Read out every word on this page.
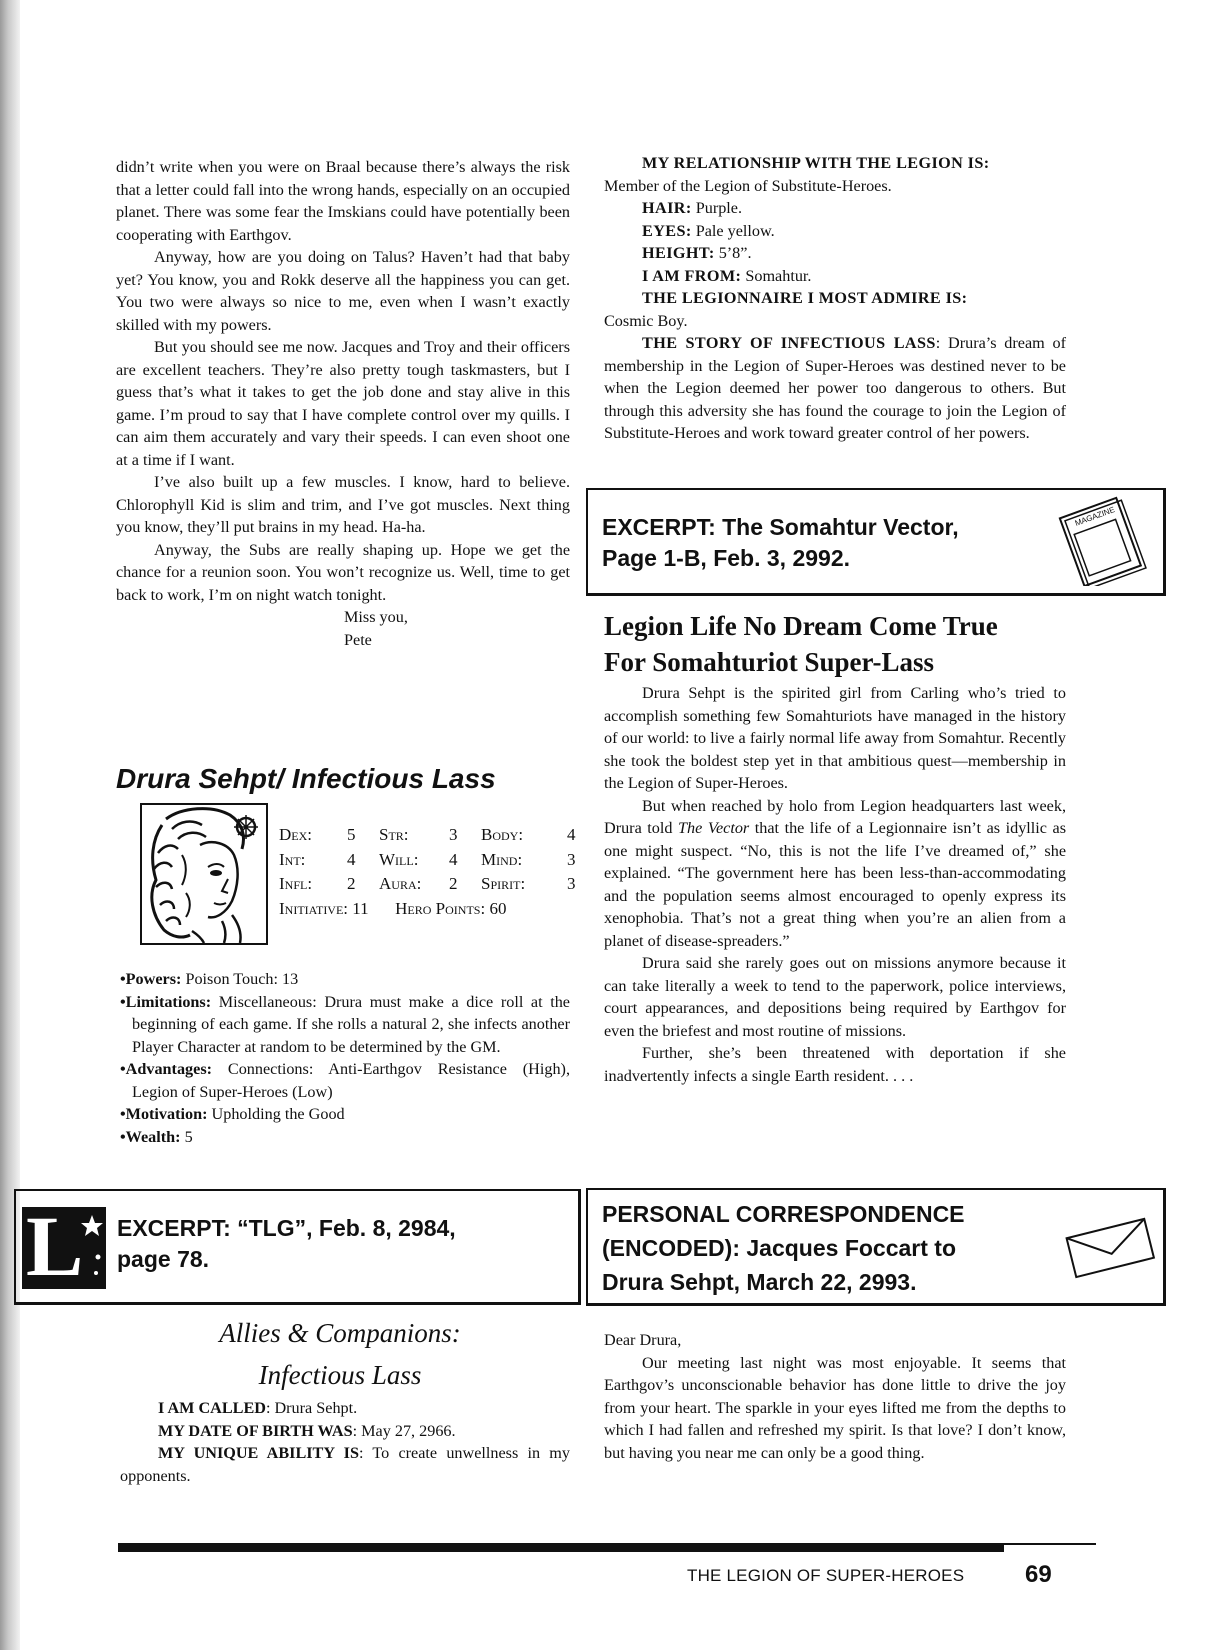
didn’t write when you were on Braal because there’s always the risk that a letter could fall into the wrong hands, especially on an occupied planet. There was some fear the Imskians could have potentially been cooperating with Earthgov.

Anyway, how are you doing on Talus? Haven’t had that baby yet? You know, you and Rokk deserve all the happiness you can get. You two were always so nice to me, even when I wasn’t exactly skilled with my powers.

But you should see me now. Jacques and Troy and their officers are excellent teachers. They’re also pretty tough taskmasters, but I guess that’s what it takes to get the job done and stay alive in this game. I’m proud to say that I have complete control over my quills. I can aim them accurately and vary their speeds. I can even shoot one at a time if I want.

I’ve also built up a few muscles. I know, hard to believe. Chlorophyll Kid is slim and trim, and I’ve got muscles. Next thing you know, they’ll put brains in my head. Ha-ha.

Anyway, the Subs are really shaping up. Hope we get the chance for a reunion soon. You won’t recognize us. Well, time to get back to work, I’m on night watch tonight.

Miss you,

Pete

Drura Sehpt/ Infectious Lass
Dex:	5	Str:	3	Body:	4
Int:	4	Will:	4	Mind:	3
Infl:	2	Aura:	2	Spirit:	3
Initiative: 11 Hero Points: 60

•Powers: Poison Touch: 13

•Limitations: Miscellaneous: Drura must make a dice roll at the beginning of each game. If she rolls a natural 2, she infects another Player Character at random to be determined by the GM.

•Advantages: Connections: Anti-Earthgov Resistance (High), Legion of Super-Heroes (Low)

•Motivation: Upholding the Good

•Wealth: 5

L EXCERPT: “TLG”, Feb. 8, 2984,
page 78.
Allies & Companions:
Infectious Lass

I AM CALLED: Drura Sehpt.

MY DATE OF BIRTH WAS: May 27, 2966.

MY UNIQUE ABILITY IS: To create unwellness in my opponents.

MY RELATIONSHIP WITH THE LEGION IS:

Member of the Legion of Substitute-Heroes.

HAIR: Purple.

EYES: Pale yellow.

HEIGHT: 5’8”.

I AM FROM: Somahtur.

THE LEGIONNAIRE I MOST ADMIRE IS:

Cosmic Boy.

THE STORY OF INFECTIOUS LASS: Drura’s dream of membership in the Legion of Super-Heroes was destined never to be when the Legion deemed her power too dangerous to others. But through this adversity she has found the courage to join the Legion of Substitute-Heroes and work toward greater control of her powers.

EXCERPT: The Somahtur Vector,
Page 1-B, Feb. 3, 2992.
MAGAZINE
Legion Life No Dream Come True
For Somahturiot Super-Lass

Drura Sehpt is the spirited girl from Carling who’s tried to accomplish something few Somahturiots have managed in the history of our world: to live a fairly normal life away from Somahtur. Recently she took the boldest step yet in that ambitious quest—membership in the Legion of Super-Heroes.

But when reached by holo from Legion headquarters last week, Drura told The Vector that the life of a Legionnaire isn’t as idyllic as one might suspect. “No, this is not the life I’ve dreamed of,” she explained. “The government here has been less-than-accommodating and the population seems almost encouraged to openly express its xenophobia. That’s not a great thing when you’re an alien from a planet of disease-spreaders.”

Drura said she rarely goes out on missions anymore because it can take literally a week to tend to the paperwork, police interviews, court appearances, and depositions being required by Earthgov for even the briefest and most routine of missions.

Further, she’s been threatened with deportation if she inadvertently infects a single Earth resident. . . .

PERSONAL CORRESPONDENCE
(ENCODED): Jacques Foccart to
Drura Sehpt, March 22, 2993.

Dear Drura,

Our meeting last night was most enjoyable. It seems that Earthgov’s unconscionable behavior has done little to drive the joy from your heart. The sparkle in your eyes lifted me from the depths to which I had fallen and refreshed my spirit. Is that love? I don’t know, but having you near me can only be a good thing.

THE LEGION OF SUPER-HEROES	69
